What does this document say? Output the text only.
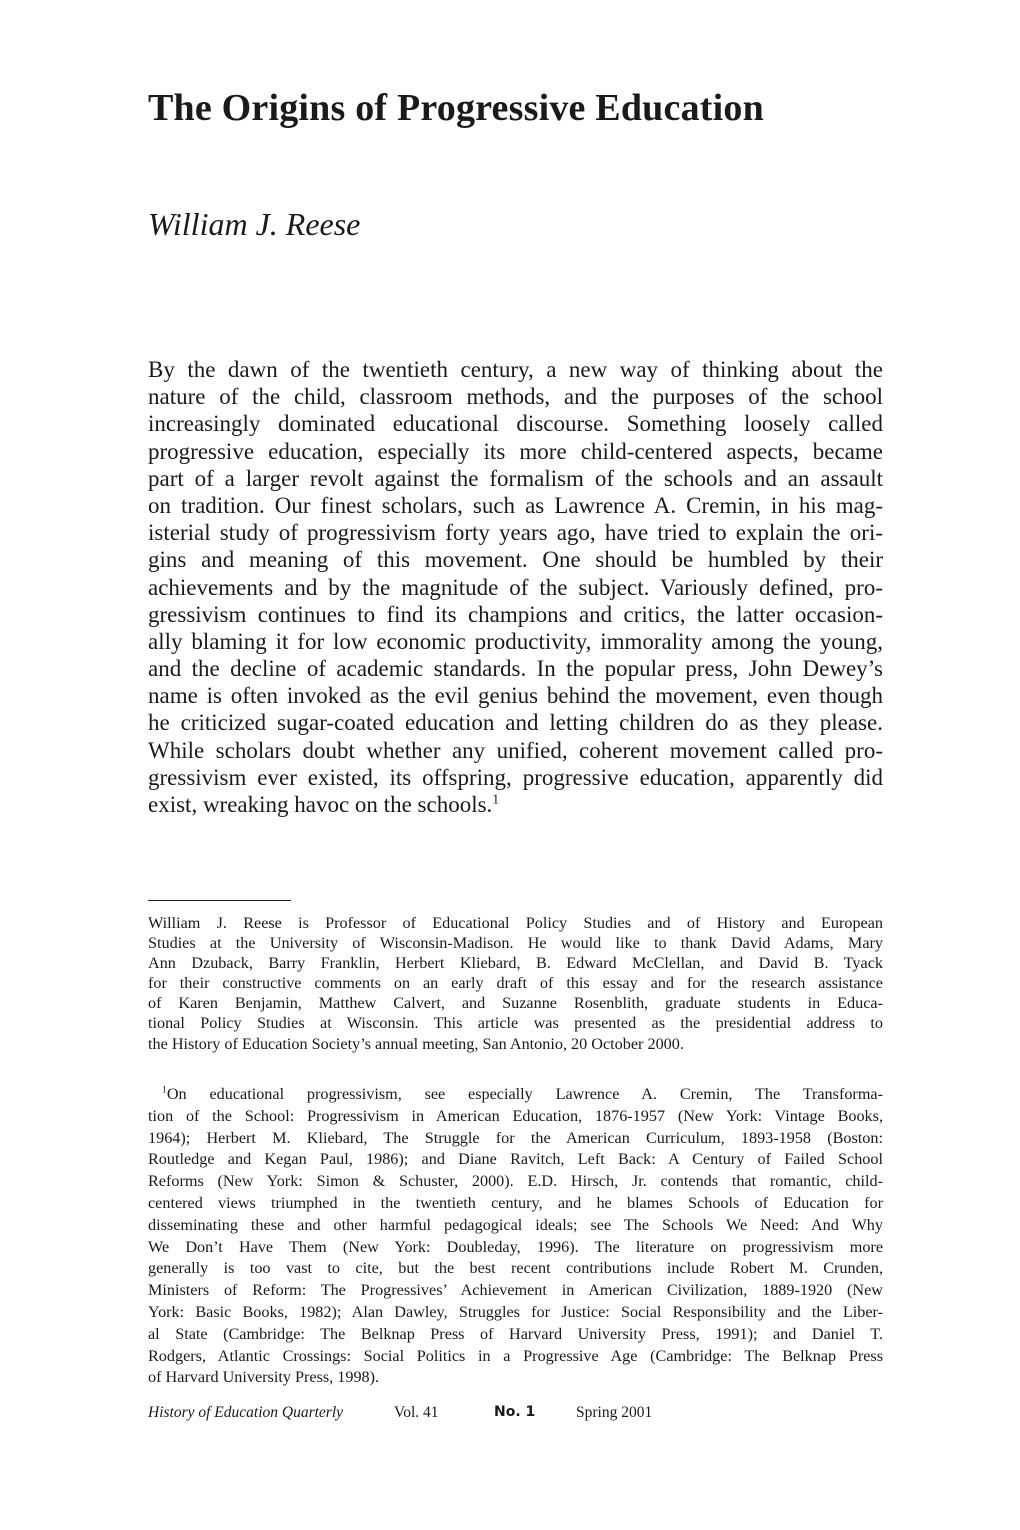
The Origins of Progressive Education

William J. Reese

By the dawn of the twentieth century, a new way of thinking about the
nature of the child, classroom methods, and the purposes of the school
increasingly dominated educational discourse. Something loosely called
progressive education, especially its more child-centered aspects, became
part of a larger revolt against the formalism of the schools and an assault
on tradition. Our finest scholars, such as Lawrence A. Cremin, in his mag-
isterial study of progressivism forty years ago, have tried to explain the ori-
gins and meaning of this movement. One should be humbled by their
achievements and by the magnitude of the subject. Variously defined, pro-
gressivism continues to find its champions and critics, the latter occasion-
ally blaming it for low economic productivity, immorality among the young,
and the decline of academic standards. In the popular press, John Dewey’s
name is often invoked as the evil genius behind the movement, even though
he criticized sugar-coated education and letting children do as they please.
While scholars doubt whether any unified, coherent movement called pro-
gressivism ever existed, its offspring, progressive education, apparently did
exist, wreaking havoc on the schools.$^1$
William J. Reese is Professor of Educational Policy Studies and of History and European
Studies at the University of Wisconsin-Madison. He would like to thank David Adams, Mary
Ann Dzuback, Barry Franklin, Herbert Kliebard, B. Edward McClellan, and David B. Tyack
for their constructive comments on an early draft of this essay and for the research assistance
of Karen Benjamin, Matthew Calvert, and Suzanne Rosenblith, graduate students in Educa-
tional Policy Studies at Wisconsin. This article was presented as the presidential address to
the History of Education Society’s annual meeting, San Antonio, 20 October 2000.
$^1$On educational progressivism, see especially Lawrence A. Cremin, The Transforma-
tion of the School: Progressivism in American Education, 1876-1957 (New York: Vintage Books,
1964); Herbert M. Kliebard, The Struggle for the American Curriculum, 1893-1958 (Boston:
Routledge and Kegan Paul, 1986); and Diane Ravitch, Left Back: A Century of Failed School
Reforms (New York: Simon & Schuster, 2000). E.D. Hirsch, Jr. contends that romantic, child-
centered views triumphed in the twentieth century, and he blames Schools of Education for
disseminating these and other harmful pedagogical ideals; see The Schools We Need: And Why
We Don’t Have Them (New York: Doubleday, 1996). The literature on progressivism more
generally is too vast to cite, but the best recent contributions include Robert M. Crunden,
Ministers of Reform: The Progressives’ Achievement in American Civilization, 1889-1920 (New
York: Basic Books, 1982); Alan Dawley, Struggles for Justice: Social Responsibility and the Liber-
al State (Cambridge: The Belknap Press of Harvard University Press, 1991); and Daniel T.
Rodgers, Atlantic Crossings: Social Politics in a Progressive Age (Cambridge: The Belknap Press
of Harvard University Press, 1998).
History of Education Quarterly	Vol. 41	No. 1	Spring 2001
